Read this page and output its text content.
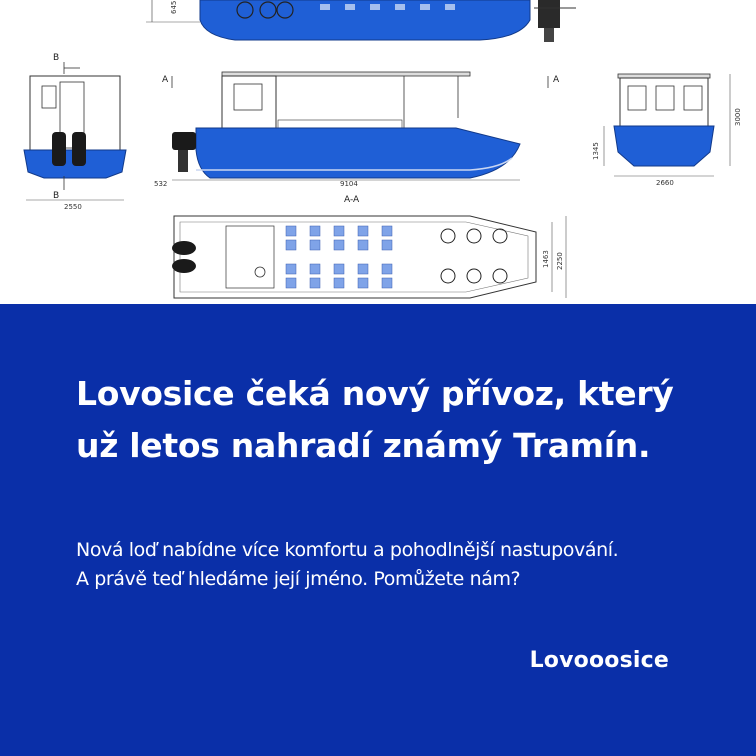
645
B
B
2550
A	A
532	9104
A-A
1345
3000
2660
1463 2250
Lovosice čeká nový přívoz, který už letos nahradí známý Tramín.

Nová loď nabídne více komfortu a pohodlnější nastupování. A právě teď hledáme její jméno. Pomůžete nám?

Lovooosice
